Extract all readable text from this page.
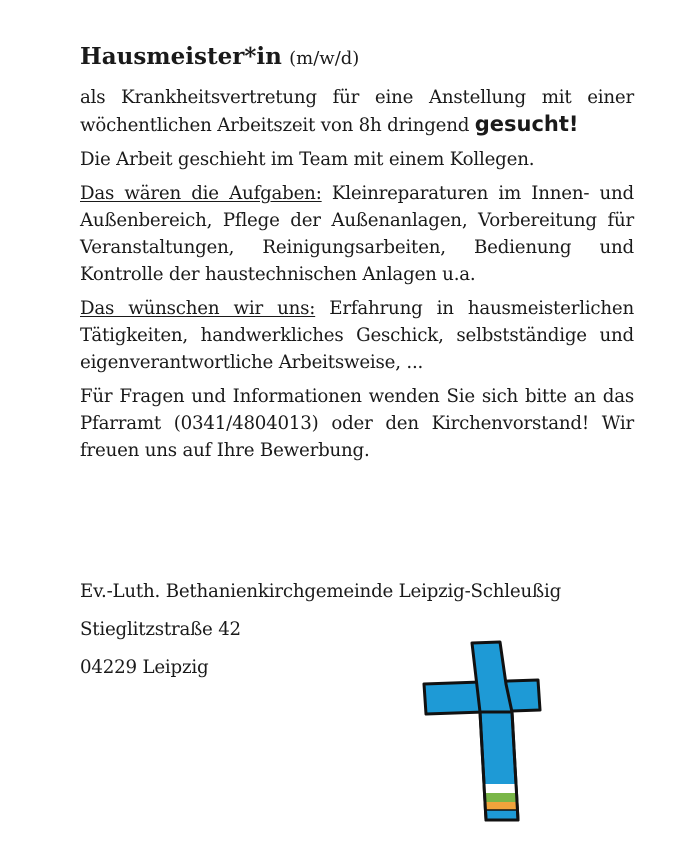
Hausmeister*in (m/w/d)

als Krankheitsvertretung für eine Anstellung mit einer wöchentlichen Arbeitszeit von 8h dringend gesucht!

Die Arbeit geschieht im Team mit einem Kollegen.

Das wären die Aufgaben: Kleinreparaturen im Innen- und Außenbereich, Pflege der Außenanlagen, Vorbereitung für Veranstaltungen, Reinigungsarbeiten, Bedienung und Kontrolle der haustechnischen Anlagen u.a.

Das wünschen wir uns: Erfahrung in hausmeisterlichen Tätigkeiten, handwerkliches Geschick, selbstständige und eigenverantwortliche Arbeitsweise, ...

Für Fragen und Informationen wenden Sie sich bitte an das Pfarramt (0341/4804013) oder den Kirchenvorstand! Wir freuen uns auf Ihre Bewerbung.

Ev.-Luth. Bethanienkirchgemeinde Leipzig-Schleußig
Stieglitzstraße 42
04229 Leipzig
